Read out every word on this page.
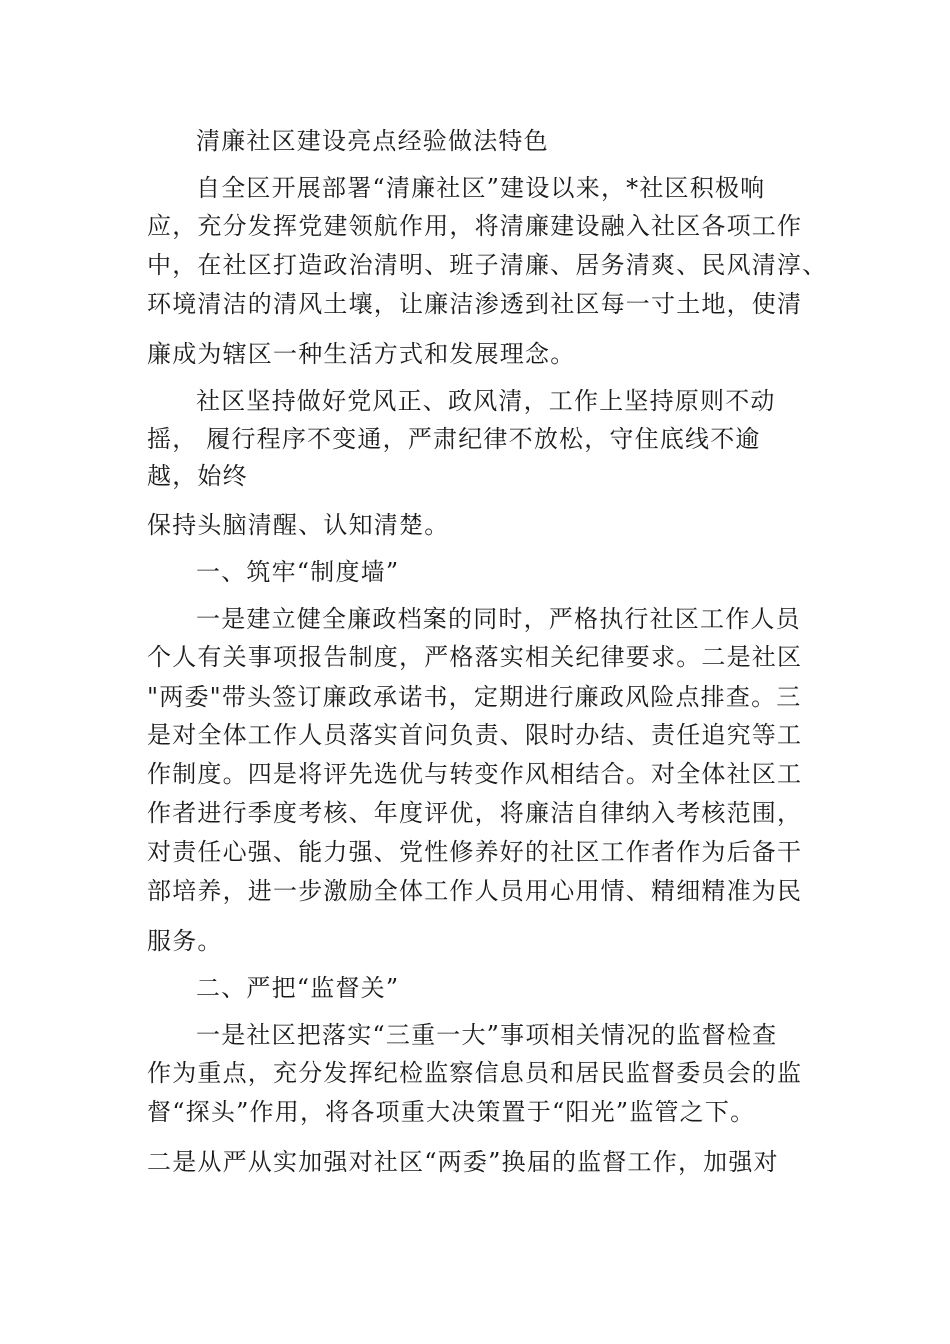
清廉社区建设亮点经验做法特色
自全区开展部署“清廉社区”建设以来，*社区积极响
应，充分发挥党建领航作用，将清廉建设融入社区各项工作
中，在社区打造政治清明、班子清廉、居务清爽、民风清淳、
环境清洁的清风土壤，让廉洁渗透到社区每一寸土地，使清
廉成为辖区一种生活方式和发展理念。
社区坚持做好党风正、政风清，工作上坚持原则不动
摇， 履行程序不变通，严肃纪律不放松，守住底线不逾
越，始终
保持头脑清醒、认知清楚。
一、筑牢“制度墙”
一是建立健全廉政档案的同时，严格执行社区工作人员
个人有关事项报告制度，严格落实相关纪律要求。二是社区
"两委"带头签订廉政承诺书，定期进行廉政风险点排查。三
是对全体工作人员落实首问负责、限时办结、责任追究等工
作制度。四是将评先选优与转变作风相结合。对全体社区工
作者进行季度考核、年度评优，将廉洁自律纳入考核范围，
对责任心强、能力强、党性修养好的社区工作者作为后备干
部培养，进一步激励全体工作人员用心用情、精细精准为民
服务。
二、严把“监督关”
一是社区把落实“三重一大”事项相关情况的监督检查
作为重点，充分发挥纪检监察信息员和居民监督委员会的监
督“探头”作用，将各项重大决策置于“阳光”监管之下。
二是从严从实加强对社区“两委”换届的监督工作，加强对
